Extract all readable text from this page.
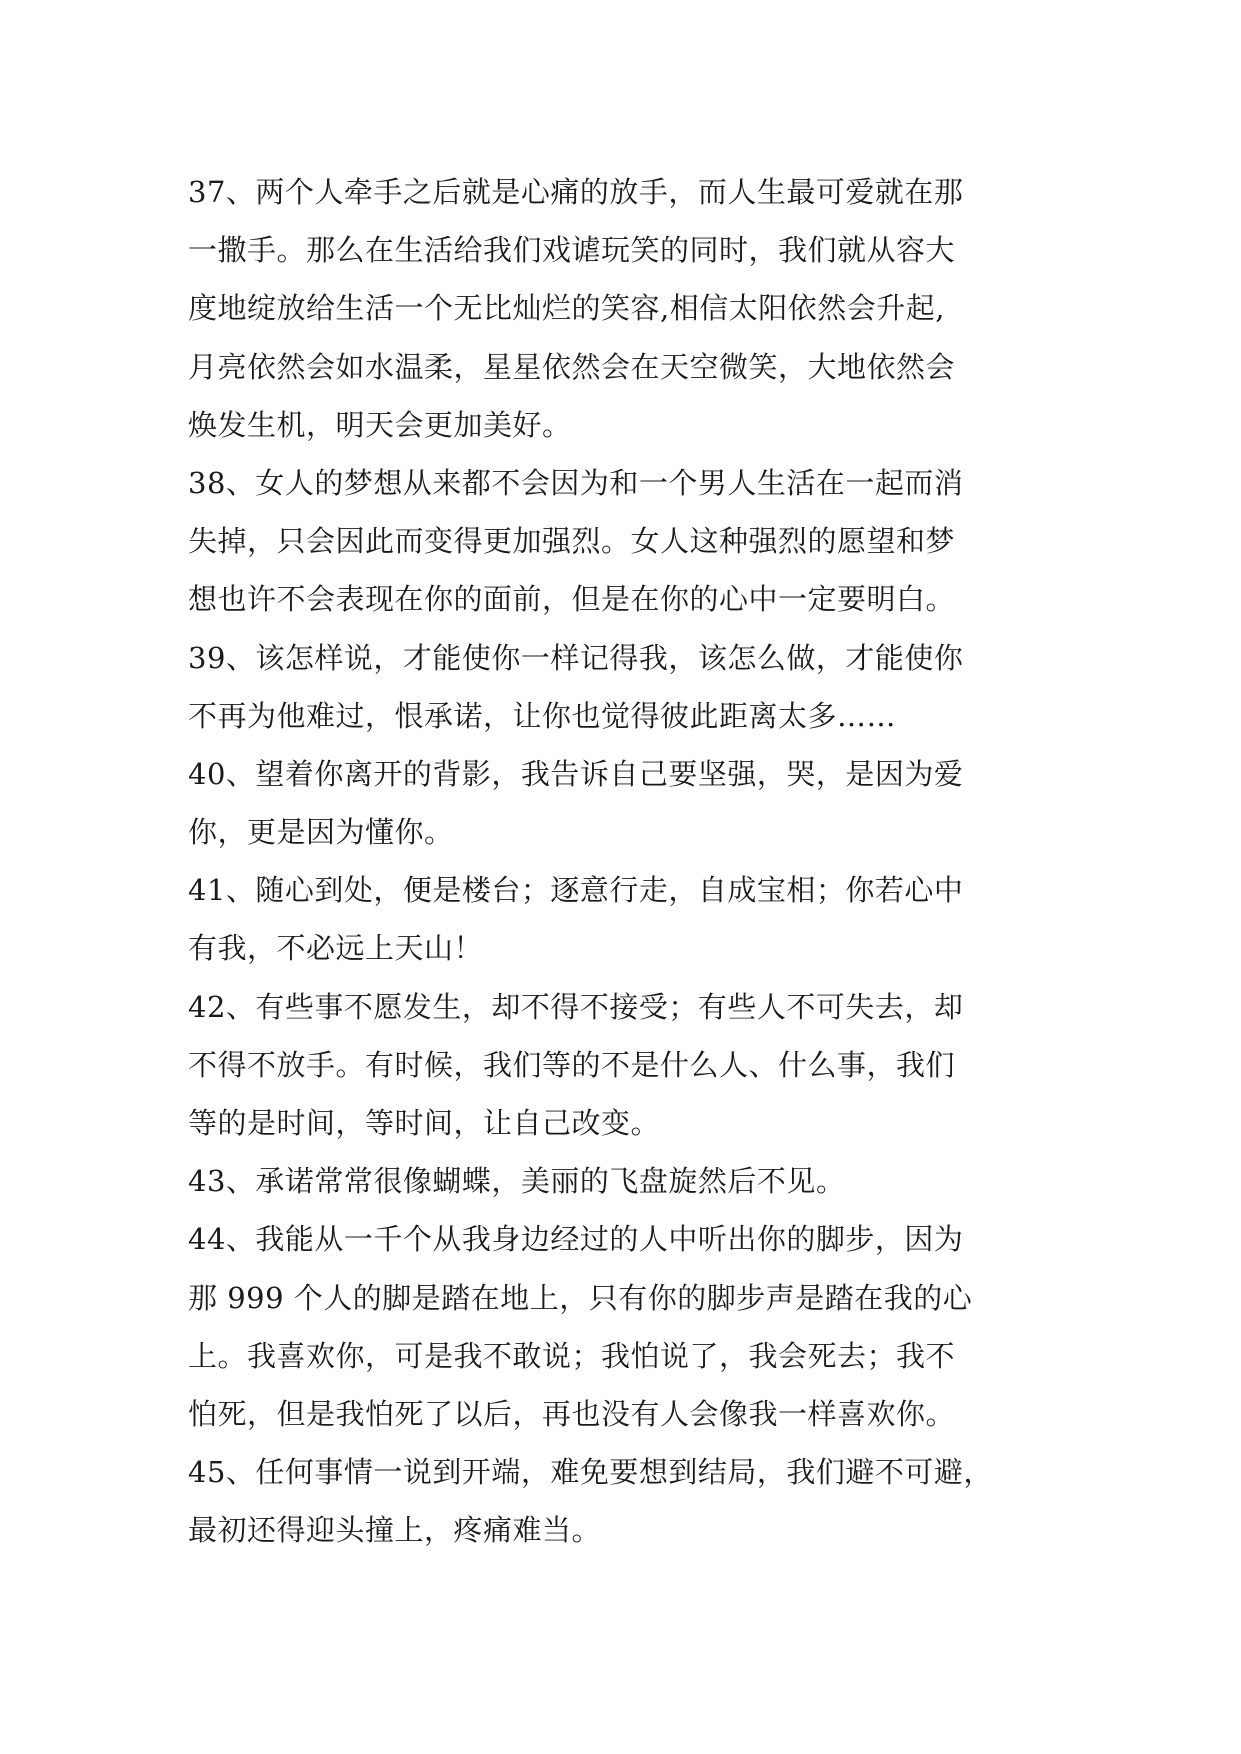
37、两个人牵手之后就是心痛的放手，而人生最可爱就在那
一撒手。那么在生活给我们戏谑玩笑的同时，我们就从容大
度地绽放给生活一个无比灿烂的笑容,相信太阳依然会升起,
月亮依然会如水温柔，星星依然会在天空微笑，大地依然会
焕发生机，明天会更加美好。
38、女人的梦想从来都不会因为和一个男人生活在一起而消
失掉，只会因此而变得更加强烈。女人这种强烈的愿望和梦
想也许不会表现在你的面前，但是在你的心中一定要明白。
39、该怎样说，才能使你一样记得我，该怎么做，才能使你
不再为他难过，恨承诺，让你也觉得彼此距离太多……
40、望着你离开的背影，我告诉自己要坚强，哭，是因为爱
你，更是因为懂你。
41、随心到处，便是楼台；逐意行走，自成宝相；你若心中
有我，不必远上天山！
42、有些事不愿发生，却不得不接受；有些人不可失去，却
不得不放手。有时候，我们等的不是什么人、什么事，我们
等的是时间，等时间，让自己改变。
43、承诺常常很像蝴蝶，美丽的飞盘旋然后不见。
44、我能从一千个从我身边经过的人中听出你的脚步，因为
那 999 个人的脚是踏在地上，只有你的脚步声是踏在我的心
上。我喜欢你，可是我不敢说；我怕说了，我会死去；我不
怕死，但是我怕死了以后，再也没有人会像我一样喜欢你。
45、任何事情一说到开端，难免要想到结局，我们避不可避，
最初还得迎头撞上，疼痛难当。
